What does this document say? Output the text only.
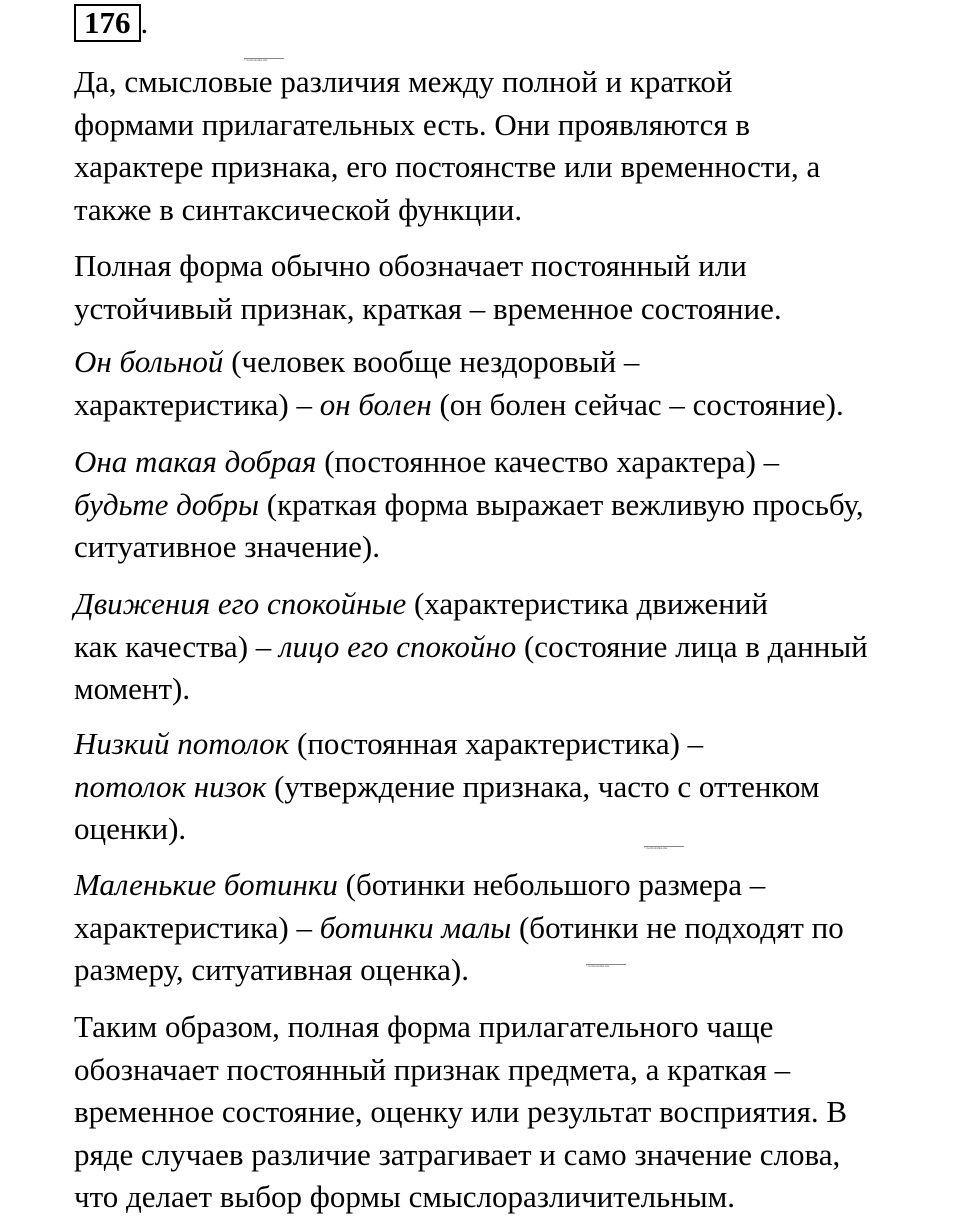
176 .
©pomogalka.me
©pomogalka.me
©pomogalka.me

Да, смысловые различия между полной и краткой
формами прилагательных есть. Они проявляются в
характере признака, его постоянстве или временности, а
также в синтаксической функции.

Полная форма обычно обозначает постоянный или
устойчивый признак, краткая – временное состояние.

Он больной (человек вообще нездоровый –
характеристика) – он болен (он болен сейчас – состояние).

Она такая добрая (постоянное качество характера) –
будьте добры (краткая форма выражает вежливую просьбу,
ситуативное значение).

Движения его спокойные (характеристика движений
как качества) – лицо его спокойно (состояние лица в данный
момент).

Низкий потолок (постоянная характеристика) –
потолок низок (утверждение признака, часто с оттенком
оценки).

Маленькие ботинки (ботинки небольшого размера –
характеристика) – ботинки малы (ботинки не подходят по
размеру, ситуативная оценка).

Таким образом, полная форма прилагательного чаще
обозначает постоянный признак предмета, а краткая –
временное состояние, оценку или результат восприятия. В
ряде случаев различие затрагивает и само значение слова,
что делает выбор формы смыслоразличительным.
